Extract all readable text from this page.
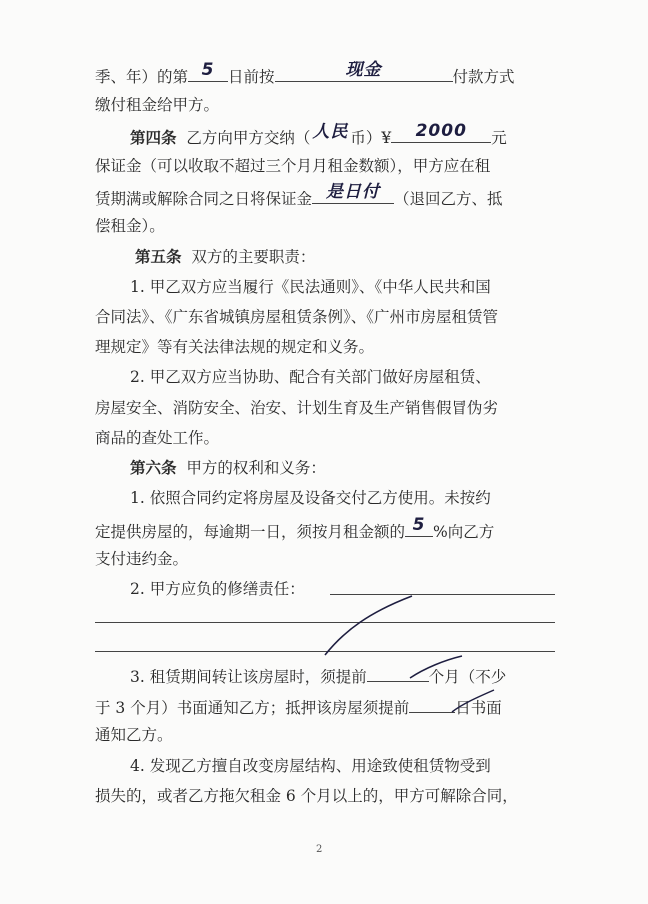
季、年）的第 5 日前按	现金	付款方式
缴付租金给甲方。
第四条 乙方向甲方交纳（ 人民 币）¥	2000	元
保证金（可以收取不超过三个月月租金数额），甲方应在租
赁期满或解除合同之日将保证金 是日付 （退回乙方、抵
偿租金）。
第五条 双方的主要职责：
1. 甲乙双方应当履行《民法通则》、《中华人民共和国
合同法》、《广东省城镇房屋租赁条例》、《广州市房屋租赁管
理规定》等有关法律法规的规定和义务。
2. 甲乙双方应当协助、配合有关部门做好房屋租赁、
房屋安全、消防安全、治安、计划生育及生产销售假冒伪劣
商品的查处工作。
第六条 甲方的权利和义务：
1. 依照合同约定将房屋及设备交付乙方使用。未按约
定提供房屋的，每逾期一日，须按月租金额的 5 %向乙方
支付违约金。
2. 甲方应负的修缮责任：
3. 租赁期间转让该房屋时，须提前	个月（不少
于 3 个月）书面通知乙方；抵押该房屋须提前	日书面
通知乙方。
4. 发现乙方擅自改变房屋结构、用途致使租赁物受到
损失的，或者乙方拖欠租金 6 个月以上的，甲方可解除合同，
2
